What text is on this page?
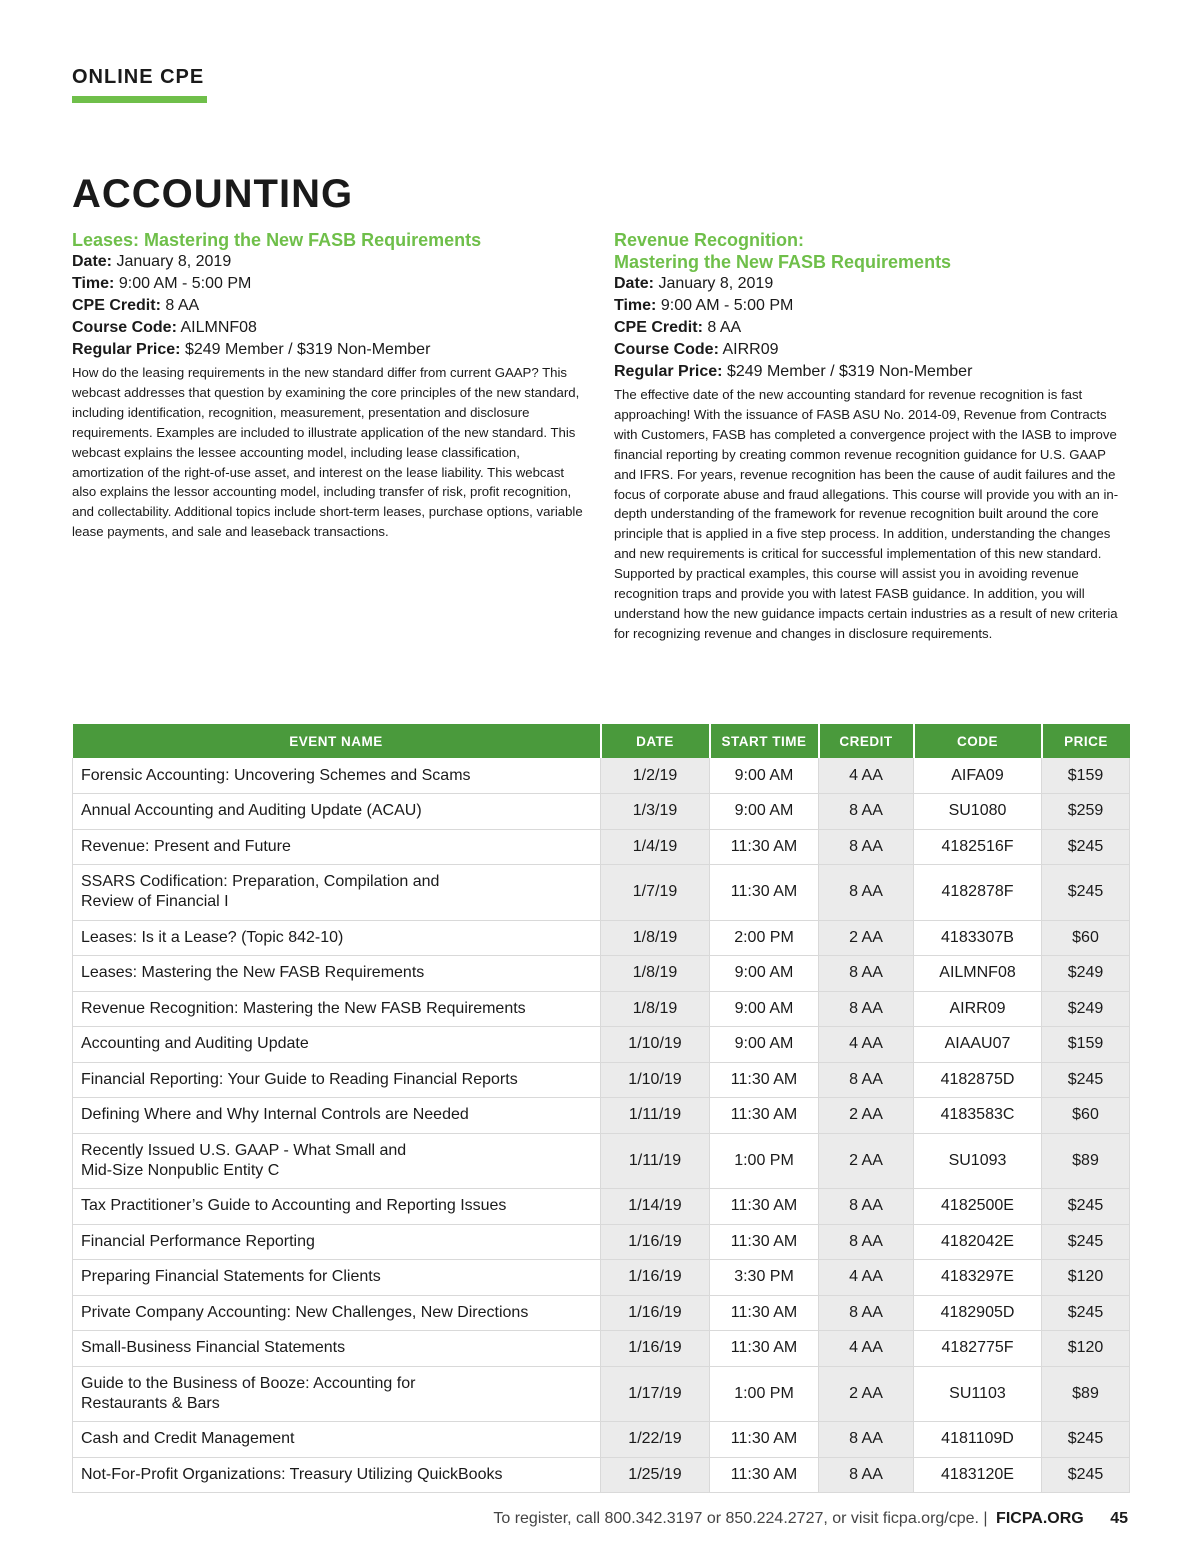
ONLINE CPE
ACCOUNTING
Leases: Mastering the New FASB Requirements
Date: January 8, 2019
Time: 9:00 AM - 5:00 PM
CPE Credit: 8 AA
Course Code: AILMNF08
Regular Price: $249 Member / $319 Non-Member

How do the leasing requirements in the new standard differ from current GAAP? This webcast addresses that question by examining the core principles of the new standard, including identification, recognition, measurement, presentation and disclosure requirements. Examples are included to illustrate application of the new standard. This webcast explains the lessee accounting model, including lease classification, amortization of the right-of-use asset, and interest on the lease liability. This webcast also explains the lessor accounting model, including transfer of risk, profit recognition, and collectability. Additional topics include short-term leases, purchase options, variable lease payments, and sale and leaseback transactions.

Revenue Recognition:
Mastering the New FASB Requirements
Date: January 8, 2019
Time: 9:00 AM - 5:00 PM
CPE Credit: 8 AA
Course Code: AIRR09
Regular Price: $249 Member / $319 Non-Member

The effective date of the new accounting standard for revenue recognition is fast approaching! With the issuance of FASB ASU No. 2014-09, Revenue from Contracts with Customers, FASB has completed a convergence project with the IASB to improve financial reporting by creating common revenue recognition guidance for U.S. GAAP and IFRS. For years, revenue recognition has been the cause of audit failures and the focus of corporate abuse and fraud allegations. This course will provide you with an in-depth understanding of the framework for revenue recognition built around the core principle that is applied in a five step process. In addition, understanding the changes and new requirements is critical for successful implementation of this new standard. Supported by practical examples, this course will assist you in avoiding revenue recognition traps and provide you with latest FASB guidance. In addition, you will understand how the new guidance impacts certain industries as a result of new criteria for recognizing revenue and changes in disclosure requirements.

EVENT NAME	DATE	START TIME	CREDIT	CODE	PRICE
Forensic Accounting: Uncovering Schemes and Scams	1/2/19	9:00 AM	4 AA	AIFA09	$159
Annual Accounting and Auditing Update (ACAU)	1/3/19	9:00 AM	8 AA	SU1080	$259
Revenue: Present and Future	1/4/19	11:30 AM	8 AA	4182516F	$245
SSARS Codification: Preparation, Compilation and
Review of Financial I	1/7/19	11:30 AM	8 AA	4182878F	$245
Leases: Is it a Lease? (Topic 842-10)	1/8/19	2:00 PM	2 AA	4183307B	$60
Leases: Mastering the New FASB Requirements	1/8/19	9:00 AM	8 AA	AILMNF08	$249
Revenue Recognition: Mastering the New FASB Requirements	1/8/19	9:00 AM	8 AA	AIRR09	$249
Accounting and Auditing Update	1/10/19	9:00 AM	4 AA	AIAAU07	$159
Financial Reporting: Your Guide to Reading Financial Reports	1/10/19	11:30 AM	8 AA	4182875D	$245
Defining Where and Why Internal Controls are Needed	1/11/19	11:30 AM	2 AA	4183583C	$60
Recently Issued U.S. GAAP - What Small and
Mid-Size Nonpublic Entity C	1/11/19	1:00 PM	2 AA	SU1093	$89
Tax Practitioner’s Guide to Accounting and Reporting Issues	1/14/19	11:30 AM	8 AA	4182500E	$245
Financial Performance Reporting	1/16/19	11:30 AM	8 AA	4182042E	$245
Preparing Financial Statements for Clients	1/16/19	3:30 PM	4 AA	4183297E	$120
Private Company Accounting: New Challenges, New Directions	1/16/19	11:30 AM	8 AA	4182905D	$245
Small-Business Financial Statements	1/16/19	11:30 AM	4 AA	4182775F	$120
Guide to the Business of Booze: Accounting for
Restaurants & Bars	1/17/19	1:00 PM	2 AA	SU1103	$89
Cash and Credit Management	1/22/19	11:30 AM	8 AA	4181109D	$245
Not-For-Profit Organizations: Treasury Utilizing QuickBooks	1/25/19	11:30 AM	8 AA	4183120E	$245
To register, call 800.342.3197 or 850.224.2727, or visit ficpa.org/cpe. | FICPA.ORG 45
